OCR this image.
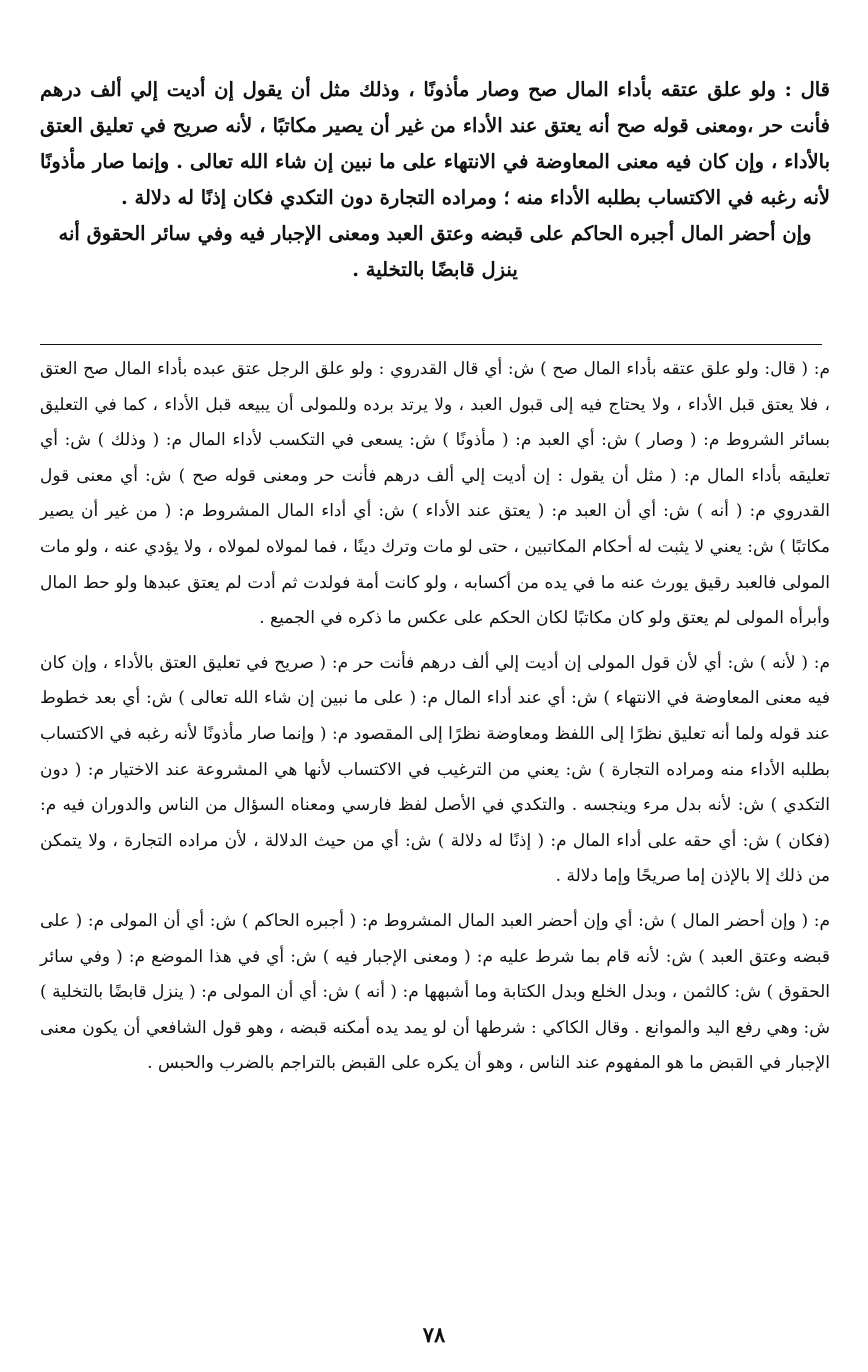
قال : ولو علق عتقه بأداء المال صح وصار مأذونًا ، وذلك مثل أن يقول إن أديت إلي ألف درهم فأنت حر ،ومعنى قوله صح أنه يعتق عند الأداء من غير أن يصير مكاتبًا ، لأنه صريح في تعليق العتق بالأداء ، وإن كان فيه معنى المعاوضة في الانتهاء على ما نبين إن شاء الله تعالى . وإنما صار مأذونًا لأنه رغبه في الاكتساب بطلبه الأداء منه ؛ ومراده التجارة دون التكدي فكان إذنًا له دلالة .

وإن أحضر المال أجبره الحاكم على قبضه وعتق العبد ومعنى الإجبار فيه وفي سائر الحقوق أنه ينزل قابضًا بالتخلية .

م: ( قال: ولو علق عتقه بأداء المال صح ) ش: أي قال القدروي : ولو علق الرجل عتق عبده بأداء المال صح العتق ، فلا يعتق قبل الأداء ، ولا يحتاج فيه إلى قبول العبد ، ولا يرتد برده وللمولى أن يبيعه قبل الأداء ، كما في التعليق بسائر الشروط م: ( وصار ) ش: أي العبد م: ( مأذونًا ) ش: يسعى في التكسب لأداء المال م: ( وذلك ) ش: أي تعليقه بأداء المال م: ( مثل أن يقول : إن أديت إلي ألف درهم فأنت حر ومعنى قوله صح ) ش: أي معنى قول القدروي م: ( أنه ) ش: أي أن العبد م: ( يعتق عند الأداء ) ش: أي أداء المال المشروط م: ( من غير أن يصير مكاتبًا ) ش: يعني لا يثبت له أحكام المكاتبين ، حتى لو مات وترك دينًا ، فما لمولاه لمولاه ، ولا يؤدي عنه ، ولو مات المولى فالعبد رقيق يورث عنه ما في يده من أكسابه ، ولو كانت أمة فولدت ثم أدت لم يعتق عبدها ولو حط المال وأبرأه المولى لم يعتق ولو كان مكاتبًا لكان الحكم على عكس ما ذكره في الجميع .

م: ( لأنه ) ش: أي لأن قول المولى إن أديت إلي ألف درهم فأنت حر م: ( صريح في تعليق العتق بالأداء ، وإن كان فيه معنى المعاوضة في الانتهاء ) ش: أي عند أداء المال م: ( على ما نبين إن شاء الله تعالى ) ش: أي بعد خطوط عند قوله ولما أنه تعليق نظرًا إلى اللفظ ومعاوضة نظرًا إلى المقصود م: ( وإنما صار مأذونًا لأنه رغبه في الاكتساب بطلبه الأداء منه ومراده التجارة ) ش: يعني من الترغيب في الاكتساب لأنها هي المشروعة عند الاختيار م: ( دون التكدي ) ش: لأنه بدل مرء وينجسه . والتكدي في الأصل لفظ فارسي ومعناه السؤال من الناس والدوران فيه م: (فكان ) ش: أي حقه على أداء المال م: ( إذنًا له دلالة ) ش: أي من حيث الدلالة ، لأن مراده التجارة ، ولا يتمكن من ذلك إلا بالإذن إما صريحًا وإما دلالة .

م: ( وإن أحضر المال ) ش: أي وإن أحضر العبد المال المشروط م: ( أجبره الحاكم ) ش: أي أن المولى م: ( على قبضه وعتق العبد ) ش: لأنه قام بما شرط عليه م: ( ومعنى الإجبار فيه ) ش: أي في هذا الموضع م: ( وفي سائر الحقوق ) ش: كالثمن ، وبدل الخلع وبدل الكتابة وما أشبهها م: ( أنه ) ش: أي أن المولى م: ( ينزل قابضًا بالتخلية ) ش: وهي رفع اليد والموانع . وقال الكاكي : شرطها أن لو يمد يده أمكنه قبضه ، وهو قول الشافعي أن يكون معنى الإجبار في القبض ما هو المفهوم عند الناس ، وهو أن يكره على القبض بالتراجم بالضرب والحبس .

٧٨
